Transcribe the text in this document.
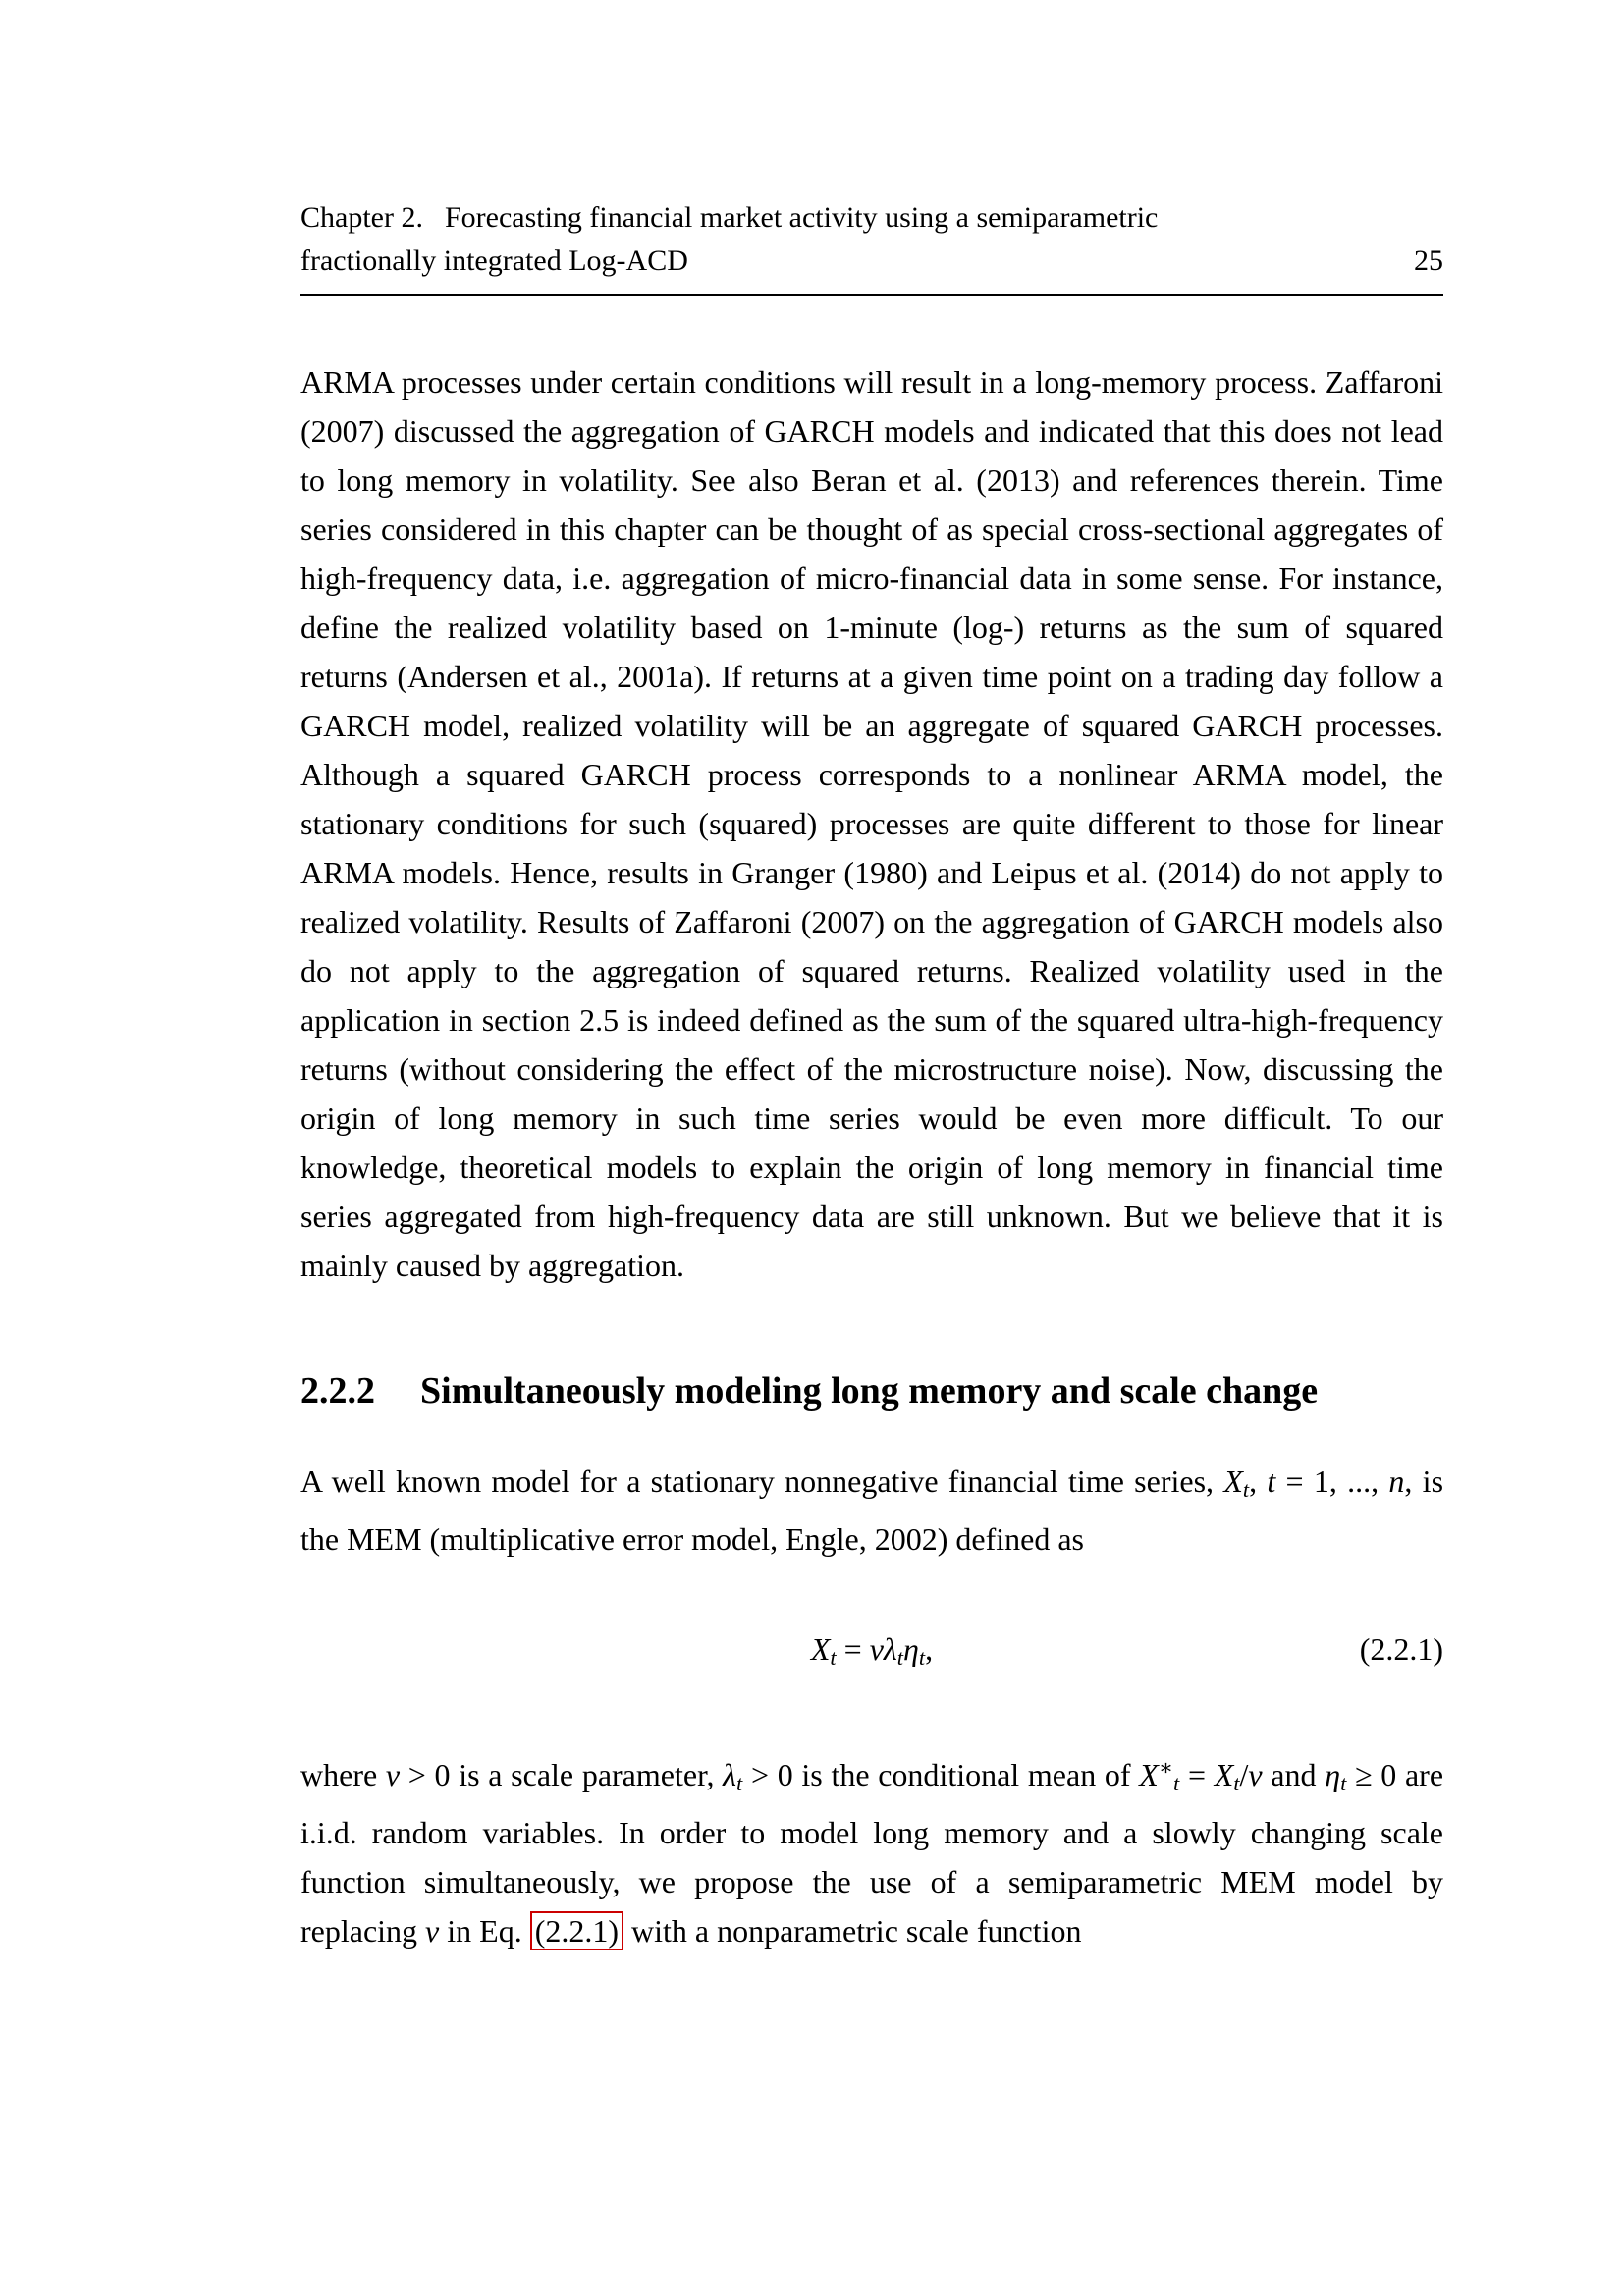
Chapter 2. Forecasting financial market activity using a semiparametric
fractionally integrated Log-ACD	25

ARMA processes under certain conditions will result in a long-memory process. Zaffaroni (2007) discussed the aggregation of GARCH models and indicated that this does not lead to long memory in volatility. See also Beran et al. (2013) and references therein. Time series considered in this chapter can be thought of as special cross-sectional aggregates of high-frequency data, i.e. aggregation of micro-financial data in some sense. For instance, define the realized volatility based on 1-minute (log-) returns as the sum of squared returns (Andersen et al., 2001a). If returns at a given time point on a trading day follow a GARCH model, realized volatility will be an aggregate of squared GARCH processes. Although a squared GARCH process corresponds to a nonlinear ARMA model, the stationary conditions for such (squared) processes are quite different to those for linear ARMA models. Hence, results in Granger (1980) and Leipus et al. (2014) do not apply to realized volatility. Results of Zaffaroni (2007) on the aggregation of GARCH models also do not apply to the aggregation of squared returns. Realized volatility used in the application in section 2.5 is indeed defined as the sum of the squared ultra-high-frequency returns (without considering the effect of the microstructure noise). Now, discussing the origin of long memory in such time series would be even more difficult. To our knowledge, theoretical models to explain the origin of long memory in financial time series aggregated from high-frequency data are still unknown. But we believe that it is mainly caused by aggregation.

2.2.2 Simultaneously modeling long memory and scale change

A well known model for a stationary nonnegative financial time series, Xt, t = 1, ..., n, is the MEM (multiplicative error model, Engle, 2002) defined as

Xt = νλtηt,	(2.2.1)

where ν > 0 is a scale parameter, λt > 0 is the conditional mean of X∗t = Xt/ν and ηt ≥ 0 are i.i.d. random variables. In order to model long memory and a slowly changing scale function simultaneously, we propose the use of a semiparametric MEM model by replacing ν in Eq. (2.2.1) with a nonparametric scale function
